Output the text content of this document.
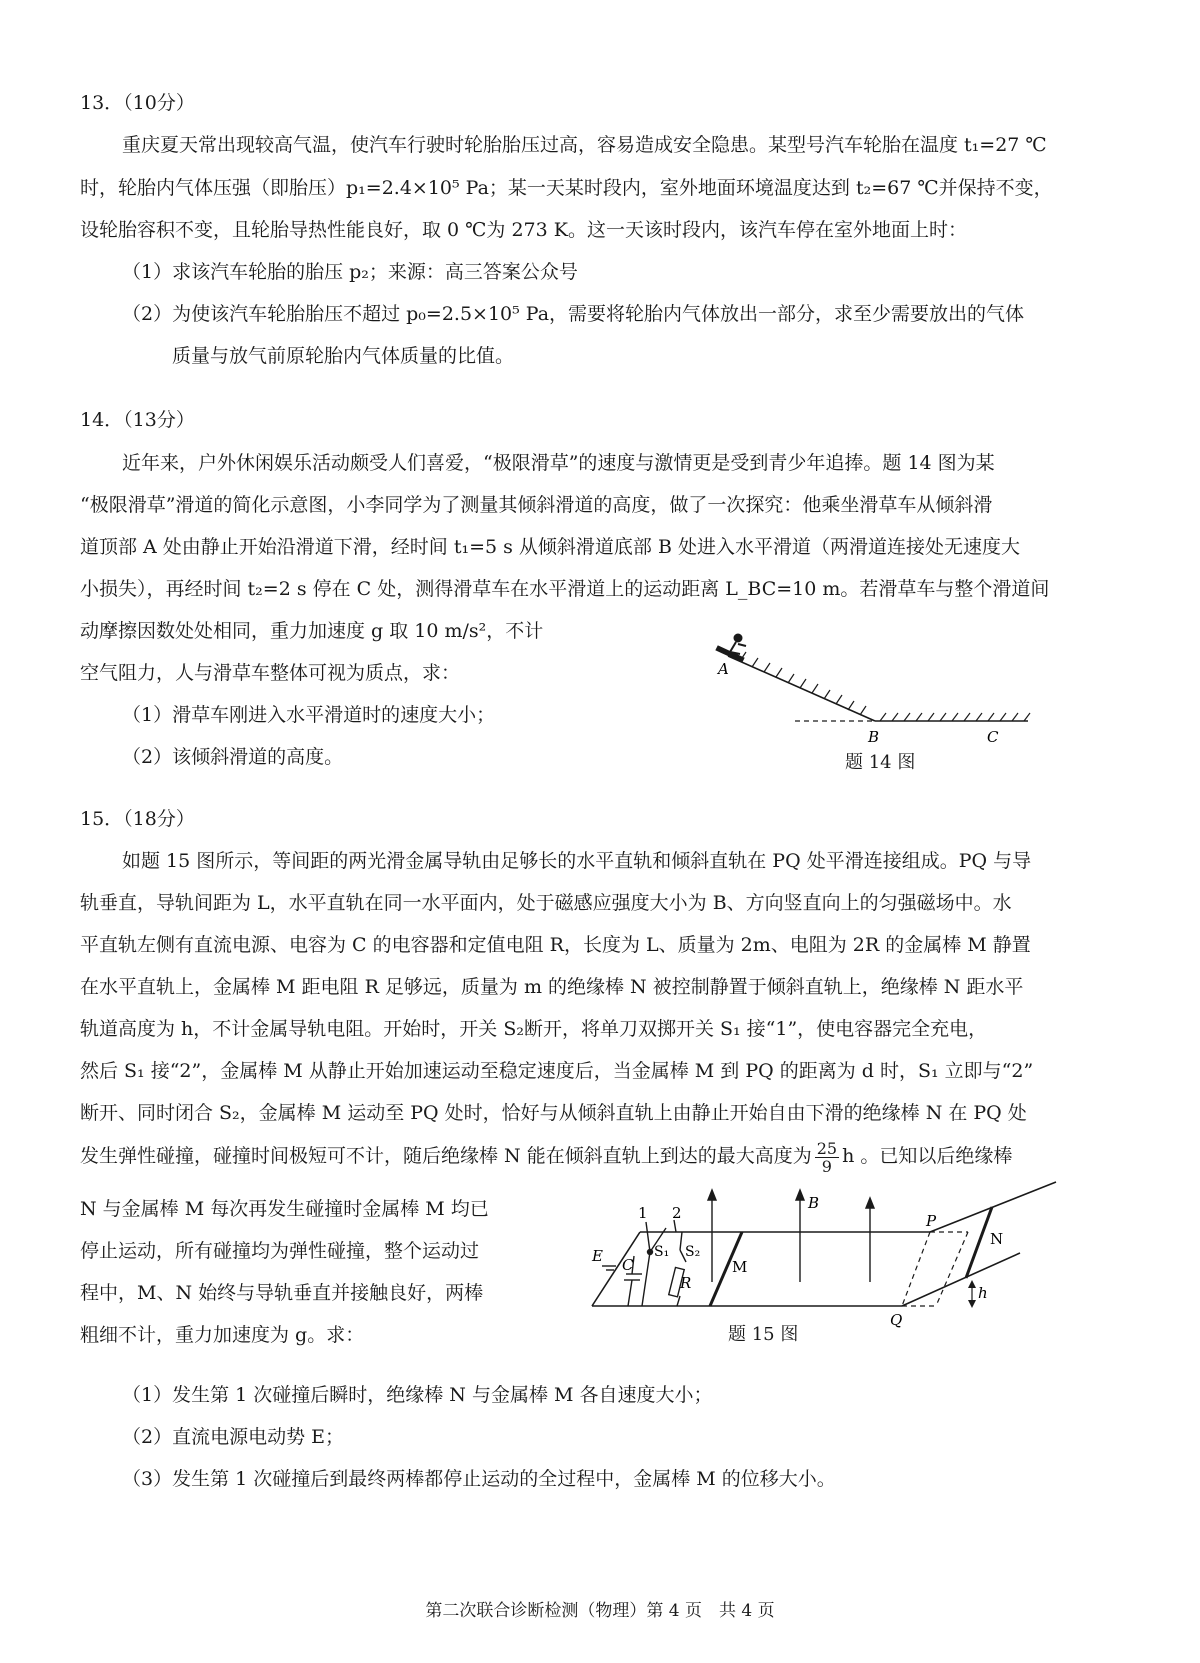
13．（10分）
重庆夏天常出现较高气温，使汽车行驶时轮胎胎压过高，容易造成安全隐患。某型号汽车轮胎在温度 t₁=27 ℃
时，轮胎内气体压强（即胎压）p₁=2.4×10⁵ Pa；某一天某时段内，室外地面环境温度达到 t₂=67 ℃并保持不变，
设轮胎容积不变，且轮胎导热性能良好，取 0 ℃为 273 K。这一天该时段内，该汽车停在室外地面上时：
（1）求该汽车轮胎的胎压 p₂；来源：高三答案公众号
（2）为使该汽车轮胎胎压不超过 p₀=2.5×10⁵ Pa，需要将轮胎内气体放出一部分，求至少需要放出的气体
质量与放气前原轮胎内气体质量的比值。
14．（13分）
近年来，户外休闲娱乐活动颇受人们喜爱，“极限滑草”的速度与激情更是受到青少年追捧。题 14 图为某
“极限滑草”滑道的简化示意图，小李同学为了测量其倾斜滑道的高度，做了一次探究：他乘坐滑草车从倾斜滑
道顶部 A 处由静止开始沿滑道下滑，经时间 t₁=5 s 从倾斜滑道底部 B 处进入水平滑道（两滑道连接处无速度大
小损失），再经时间 t₂=2 s 停在 C 处，测得滑草车在水平滑道上的运动距离 L_BC=10 m。若滑草车与整个滑道间
动摩擦因数处处相同，重力加速度 g 取 10 m/s²，不计
空气阻力，人与滑草车整体可视为质点，求：
（1）滑草车刚进入水平滑道时的速度大小；
（2）该倾斜滑道的高度。
A
B	C
题 14 图
15．（18分）
如题 15 图所示，等间距的两光滑金属导轨由足够长的水平直轨和倾斜直轨在 PQ 处平滑连接组成。PQ 与导
轨垂直，导轨间距为 L，水平直轨在同一水平面内，处于磁感应强度大小为 B、方向竖直向上的匀强磁场中。水
平直轨左侧有直流电源、电容为 C 的电容器和定值电阻 R，长度为 L、质量为 2m、电阻为 2R 的金属棒 M 静置
在水平直轨上，金属棒 M 距电阻 R 足够远，质量为 m 的绝缘棒 N 被控制静置于倾斜直轨上，绝缘棒 N 距水平
轨道高度为 h，不计金属导轨电阻。开始时，开关 S₂断开，将单刀双掷开关 S₁ 接“1”，使电容器完全充电，
然后 S₁ 接“2”，金属棒 M 从静止开始加速运动至稳定速度后，当金属棒 M 到 PQ 的距离为 d 时，S₁ 立即与“2”
断开、同时闭合 S₂，金属棒 M 运动至 PQ 处时，恰好与从倾斜直轨上由静止开始自由下滑的绝缘棒 N 在 PQ 处
发生弹性碰撞，碰撞时间极短可不计，随后绝缘棒 N 能在倾斜直轨上到达的最大高度为 $\frac{25}{9}$ h 。已知以后绝缘棒
N 与金属棒 M 每次再发生碰撞时金属棒 M 均已
停止运动，所有碰撞均为弹性碰撞，整个运动过
程中，M、N 始终与导轨垂直并接触良好，两棒
粗细不计，重力加速度为 g。求：
（1）发生第 1 次碰撞后瞬时，绝缘棒 N 与金属棒 M 各自速度大小；
（2）直流电源电动势 E；
（3）发生第 1 次碰撞后到最终两棒都停止运动的全过程中，金属棒 M 的位移大小。
1 2
E C
S₁ S₂
R
M
B
P
Q
N
h
题 15 图
第二次联合诊断检测（物理）第 4 页　共 4 页
